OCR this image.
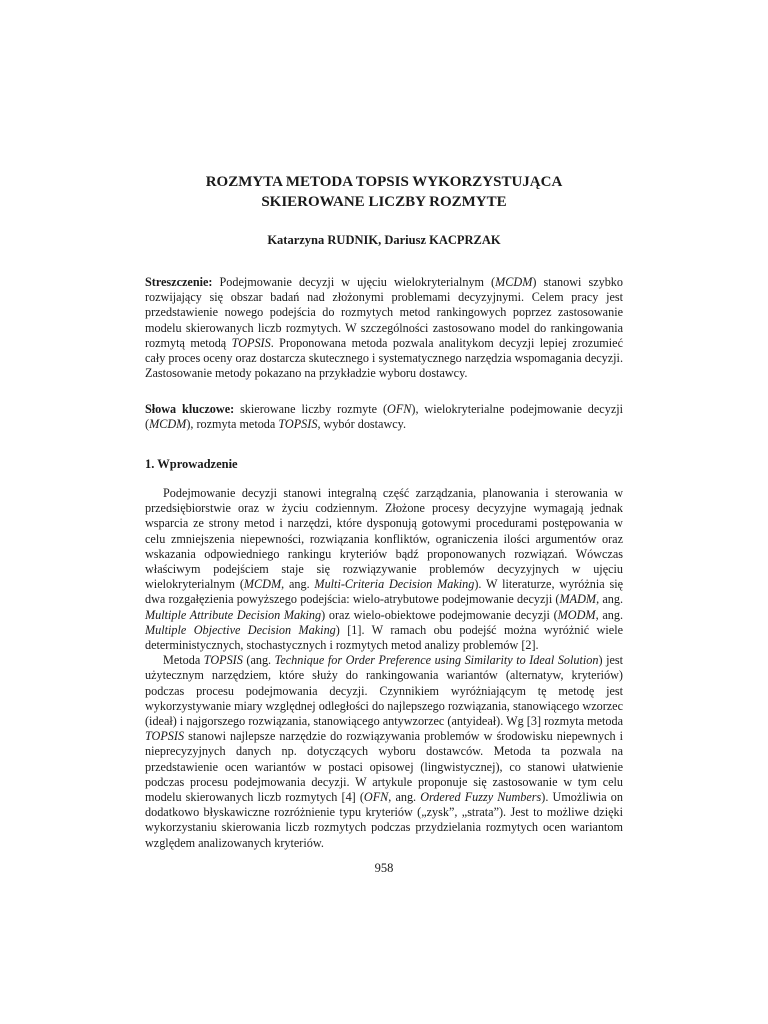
ROZMYTA METODA TOPSIS WYKORZYSTUJĄCA
SKIEROWANE LICZBY ROZMYTE
Katarzyna RUDNIK, Dariusz KACPRZAK
Streszczenie: Podejmowanie decyzji w ujęciu wielokryterialnym (MCDM) stanowi szybko rozwijający się obszar badań nad złożonymi problemami decyzyjnymi. Celem pracy jest przedstawienie nowego podejścia do rozmytych metod rankingowych poprzez zastosowanie modelu skierowanych liczb rozmytych. W szczególności zastosowano model do rankingowania rozmytą metodą TOPSIS. Proponowana metoda pozwala analitykom decyzji lepiej zrozumieć cały proces oceny oraz dostarcza skutecznego i systematycznego narzędzia wspomagania decyzji. Zastosowanie metody pokazano na przykładzie wyboru dostawcy.
Słowa kluczowe: skierowane liczby rozmyte (OFN), wielokryterialne podejmowanie decyzji (MCDM), rozmyta metoda TOPSIS, wybór dostawcy.
1. Wprowadzenie

Podejmowanie decyzji stanowi integralną część zarządzania, planowania i sterowania w przedsiębiorstwie oraz w życiu codziennym. Złożone procesy decyzyjne wymagają jednak wsparcia ze strony metod i narzędzi, które dysponują gotowymi procedurami postępowania w celu zmniejszenia niepewności, rozwiązania konfliktów, ograniczenia ilości argumentów oraz wskazania odpowiedniego rankingu kryteriów bądź proponowanych rozwiązań. Wówczas właściwym podejściem staje się rozwiązywanie problemów decyzyjnych w ujęciu wielokryterialnym (MCDM, ang. Multi-Criteria Decision Making). W literaturze, wyróżnia się dwa rozgałęzienia powyższego podejścia: wielo-atrybutowe podejmowanie decyzji (MADM, ang. Multiple Attribute Decision Making) oraz wielo-obiektowe podejmowanie decyzji (MODM, ang. Multiple Objective Decision Making) [1]. W ramach obu podejść można wyróżnić wiele deterministycznych, stochastycznych i rozmytych metod analizy problemów [2].

Metoda TOPSIS (ang. Technique for Order Preference using Similarity to Ideal Solution) jest użytecznym narzędziem, które służy do rankingowania wariantów (alternatyw, kryteriów) podczas procesu podejmowania decyzji. Czynnikiem wyróżniającym tę metodę jest wykorzystywanie miary względnej odległości do najlepszego rozwiązania, stanowiącego wzorzec (ideał) i najgorszego rozwiązania, stanowiącego antywzorzec (antyideał). Wg [3] rozmyta metoda TOPSIS stanowi najlepsze narzędzie do rozwiązywania problemów w środowisku niepewnych i nieprecyzyjnych danych np. dotyczących wyboru dostawców. Metoda ta pozwala na przedstawienie ocen wariantów w postaci opisowej (lingwistycznej), co stanowi ułatwienie podczas procesu podejmowania decyzji. W artykule proponuje się zastosowanie w tym celu modelu skierowanych liczb rozmytych [4] (OFN, ang. Ordered Fuzzy Numbers). Umożliwia on dodatkowo błyskawiczne rozróżnienie typu kryteriów („zysk”, „strata”). Jest to możliwe dzięki wykorzystaniu skierowania liczb rozmytych podczas przydzielania rozmytych ocen wariantom względem analizowanych kryteriów.

958
